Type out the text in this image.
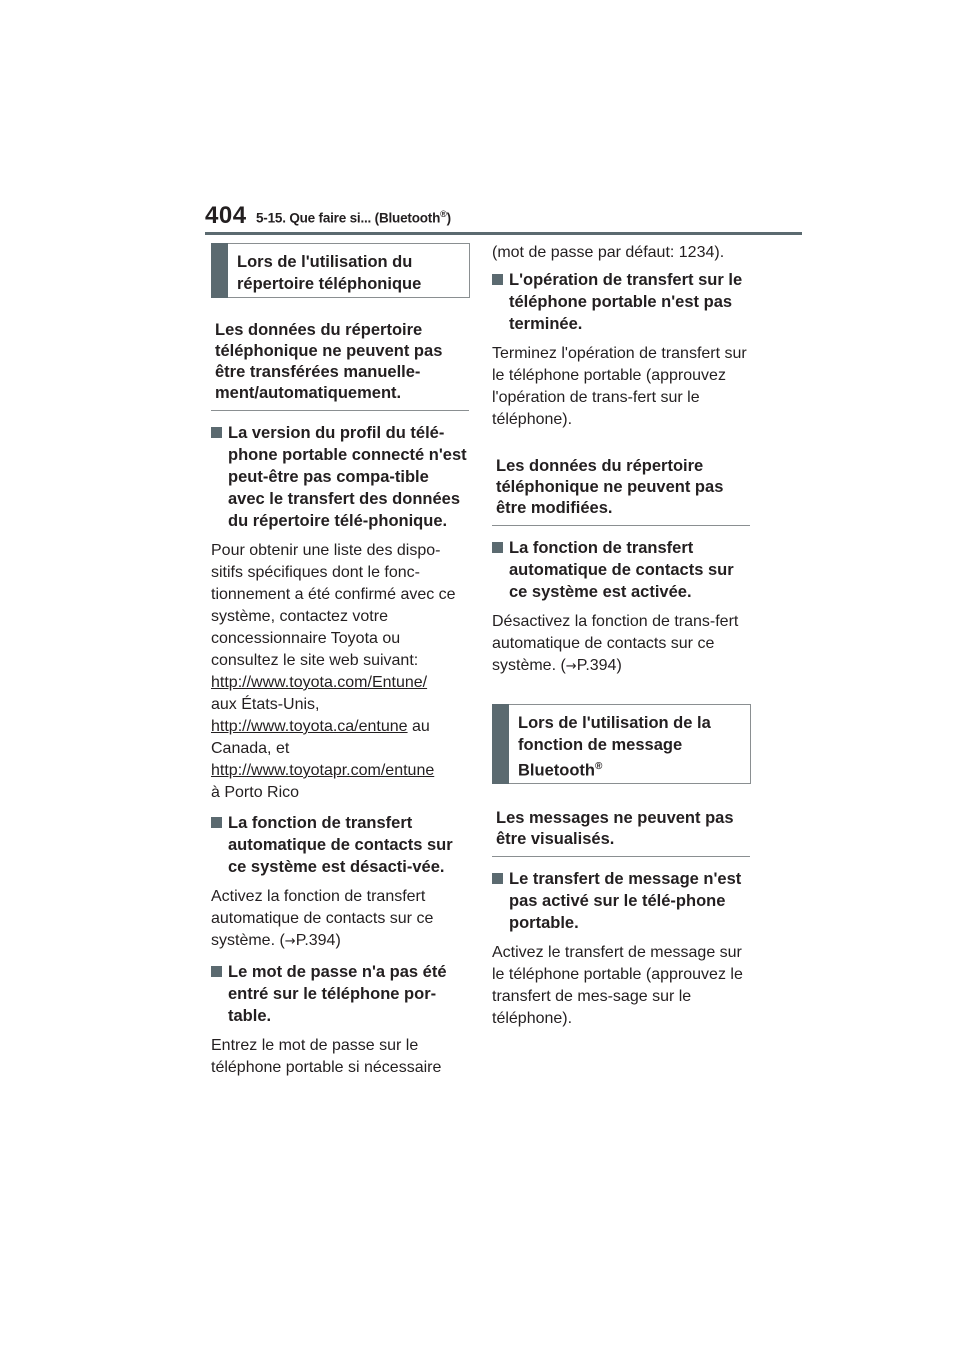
404 5-15. Que faire si... (Bluetooth®)
Lors de l'utilisation du répertoire téléphonique
Les données du répertoire téléphonique ne peuvent pas être transférées manuelle-ment/automatiquement.
La version du profil du télé-phone portable connecté n'est peut-être pas compa-tible avec le transfert des données du répertoire télé-phonique.
Pour obtenir une liste des dispo-sitifs spécifiques dont le fonc-tionnement a été confirmé avec ce système, contactez votre concessionnaire Toyota ou consultez le site web suivant:
http://www.toyota.com/Entune/
aux États-Unis,
http://www.toyota.ca/entune au Canada, et
http://www.toyotapr.com/entune
à Porto Rico
La fonction de transfert automatique de contacts sur ce système est désacti-vée.
Activez la fonction de transfert automatique de contacts sur ce système. (→P.394)
Le mot de passe n'a pas été entré sur le téléphone por-table.
Entrez le mot de passe sur le téléphone portable si nécessaire
(mot de passe par défaut: 1234).
L'opération de transfert sur le téléphone portable n'est pas terminée.
Terminez l'opération de transfert sur le téléphone portable (approuvez l'opération de trans-fert sur le téléphone).
Les données du répertoire téléphonique ne peuvent pas être modifiées.
La fonction de transfert automatique de contacts sur ce système est activée.
Désactivez la fonction de trans-fert automatique de contacts sur ce système. (→P.394)
Lors de l'utilisation de la fonction de message Bluetooth®
Les messages ne peuvent pas être visualisés.
Le transfert de message n'est pas activé sur le télé-phone portable.
Activez le transfert de message sur le téléphone portable (approuvez le transfert de mes-sage sur le téléphone).
